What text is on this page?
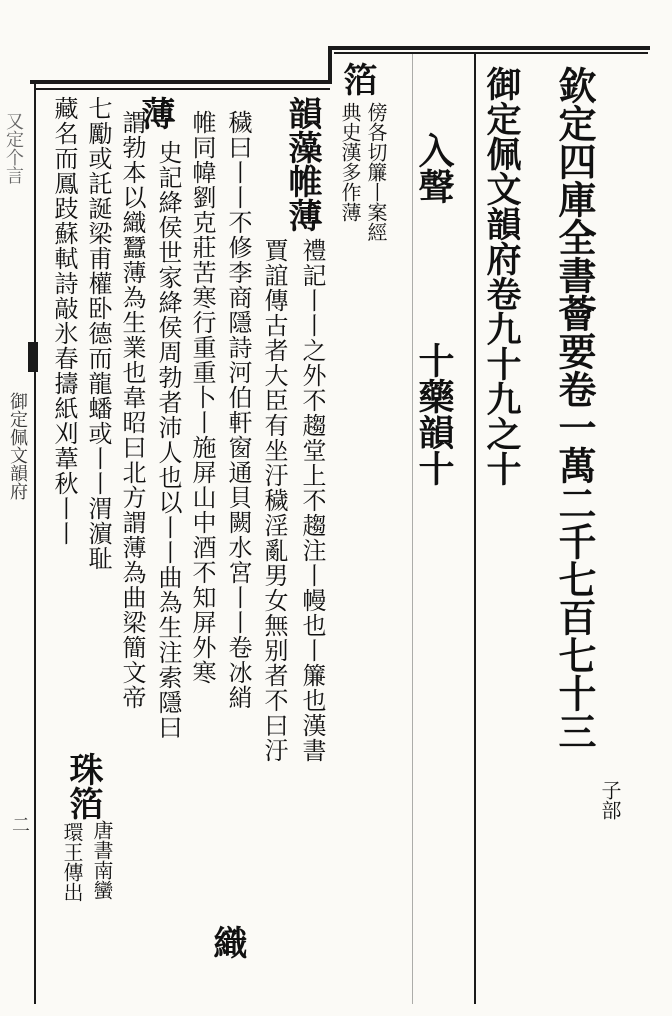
又定个言
御定佩文韻府
二
欽定四庫全書薈要卷一萬二千七百七十三
子部
御定佩文韻府卷九十九之十
入聲
十藥韻十
箔
傍各切簾丨案經
典史漢多作薄
韻藻帷薄
禮記丨丨之外不趨堂上不趨注丨幔也丨簾也漢書
賈誼傳古者大臣有坐汙穢淫亂男女無别者不曰汙
穢曰丨丨不修李商隱詩河伯軒窗通貝闕水宮丨丨卷冰綃
織
帷同幃劉克莊苦寒行重重卜丨施屏山中酒不知屏外寒
薄
史記絳侯世家絳侯周勃者沛人也以丨丨曲為生注索隱曰
謂勃本以織蠶薄為生業也韋昭曰北方謂薄為曲梁簡文帝
七勵或託誕梁甫權卧德而龍蟠或丨丨渭濵耻
珠箔
唐書南蠻
藏名而鳳跂蘇軾詩敲氷春擣紙刈葦秋丨丨
環王傳出
